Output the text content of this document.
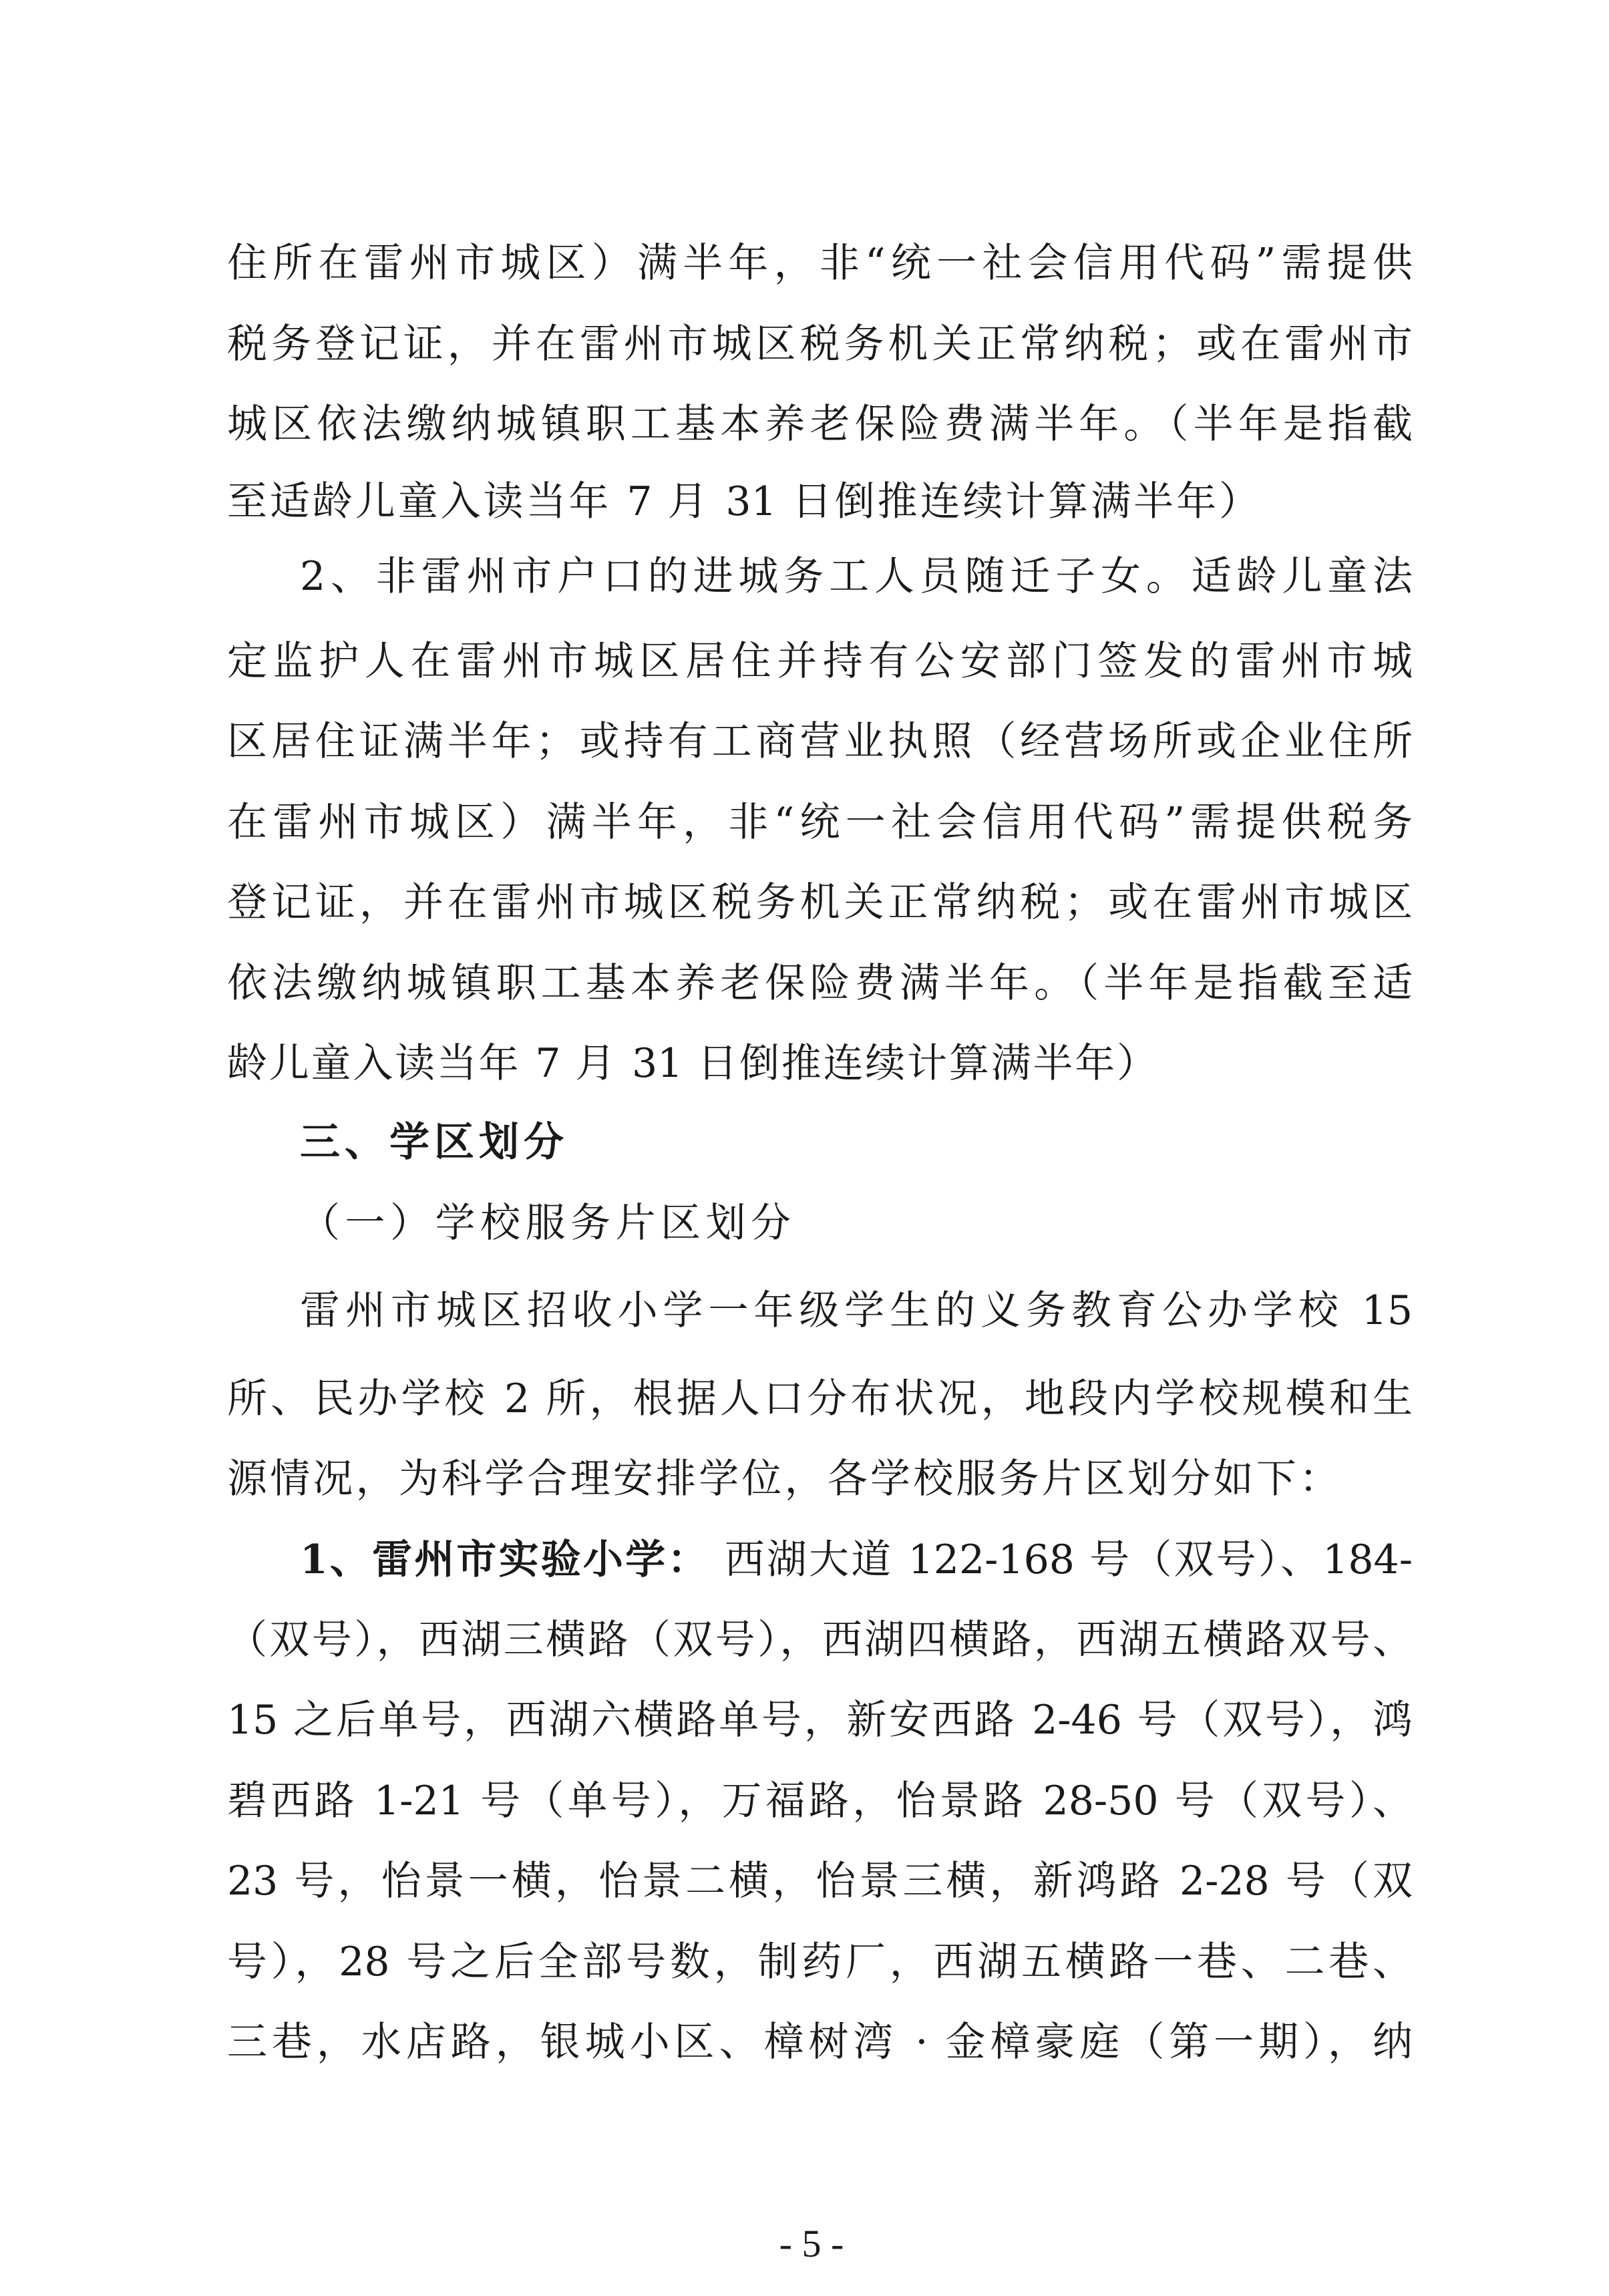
住所在雷州市城区）满半年，非“统一社会信用代码”需提供
税务登记证，并在雷州市城区税务机关正常纳税；或在雷州市
城区依法缴纳城镇职工基本养老保险费满半年。（半年是指截
至适龄儿童入读当年 7 月 31 日倒推连续计算满半年）
2、非雷州市户口的进城务工人员随迁子女。适龄儿童法
定监护人在雷州市城区居住并持有公安部门签发的雷州市城
区居住证满半年；或持有工商营业执照（经营场所或企业住所
在雷州市城区）满半年，非“统一社会信用代码”需提供税务
登记证，并在雷州市城区税务机关正常纳税；或在雷州市城区
依法缴纳城镇职工基本养老保险费满半年。（半年是指截至适
龄儿童入读当年 7 月 31 日倒推连续计算满半年）
三、学区划分
（一）学校服务片区划分
雷州市城区招收小学一年级学生的义务教育公办学校 15
所、民办学校 2 所，根据人口分布状况，地段内学校规模和生
源情况，为科学合理安排学位，各学校服务片区划分如下：
1、雷州市实验小学： 西湖大道 122-168 号（双号）、184-
（双号），西湖三横路（双号），西湖四横路，西湖五横路双号、
15 之后单号，西湖六横路单号，新安西路 2-46 号（双号），鸿
碧西路 1-21 号（单号），万福路，怡景路 28-50 号（双号）、
23 号，怡景一横，怡景二横，怡景三横，新鸿路 2-28 号（双
号），28 号之后全部号数，制药厂，西湖五横路一巷、二巷、
三巷，水店路，银城小区、樟树湾 · 金樟豪庭（第一期），纳
- 5 -
